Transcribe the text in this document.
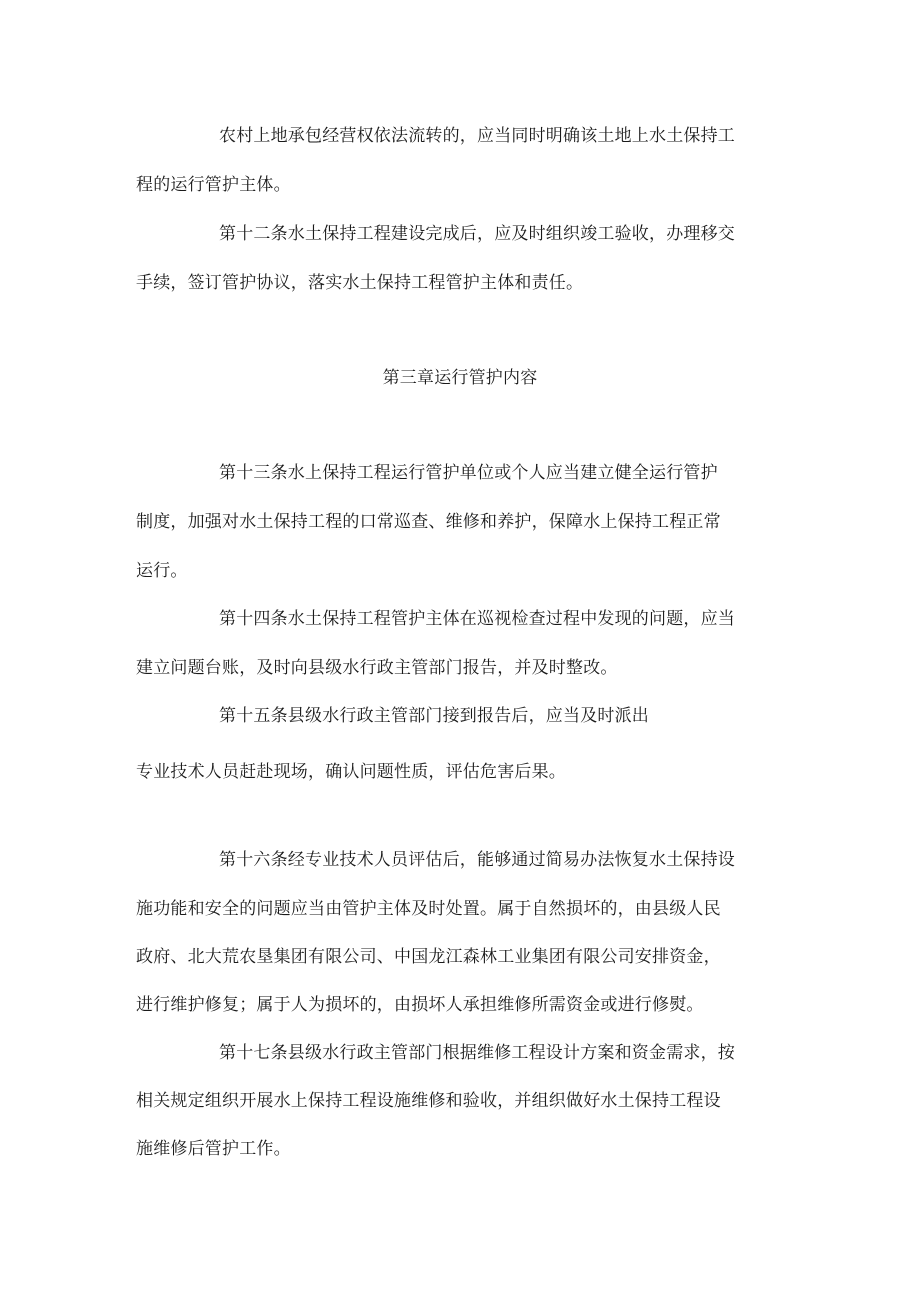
农村上地承包经营权依法流转的，应当同时明确该土地上水土保持工
程的运行管护主体。
第十二条水土保持工程建设完成后，应及时组织竣工验收，办理移交
手续，签订管护协议，落实水土保持工程管护主体和责任。
第三章运行管护内容
第十三条水上保持工程运行管护单位或个人应当建立健全运行管护
制度，加强对水土保持工程的口常巡查、维修和养护，保障水上保持工程正常
运行。
第十四条水土保持工程管护主体在巡视检查过程中发现的问题，应当
建立问题台账，及时向县级水行政主管部门报告，并及时整改。
第十五条县级水行政主管部门接到报告后，应当及时派出
专业技术人员赶赴现场，确认问题性质，评估危害后果。
第十六条经专业技术人员评估后，能够通过简易办法恢复水土保持设
施功能和安全的问题应当由管护主体及时处置。属于自然损坏的，由县级人民
政府、北大荒农垦集团有限公司、中国龙江森林工业集团有限公司安排资金，
进行维护修复；属于人为损坏的，由损坏人承担维修所需资金或进行修熨。
第十七条县级水行政主管部门根据维修工程设计方案和资金需求，按
相关规定组织开展水上保持工程设施维修和验收，并组织做好水土保持工程设
施维修后管护工作。
